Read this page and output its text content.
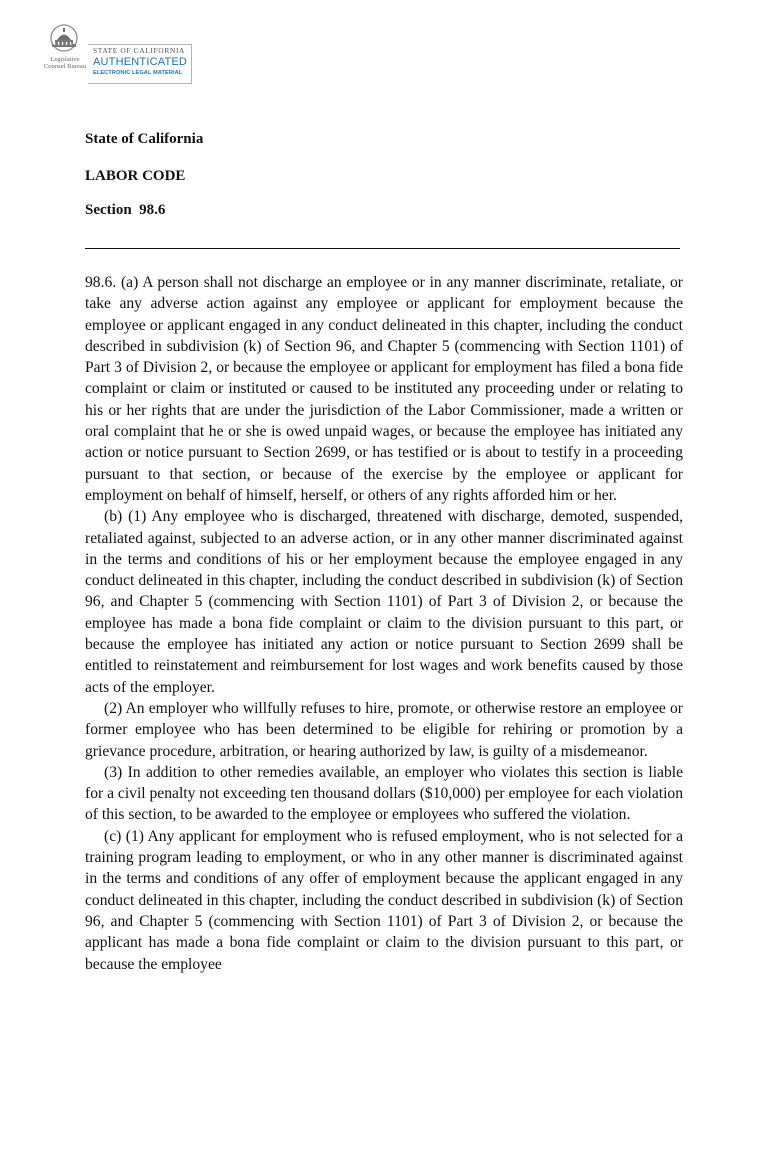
Legislative Counsel Bureau
STATE OF CALIFORNIA
AUTHENTICATED
ELECTRONIC LEGAL MATERIAL
State of California
LABOR CODE
Section  98.6

98.6. (a) A person shall not discharge an employee or in any manner discriminate, retaliate, or take any adverse action against any employee or applicant for employment because the employee or applicant engaged in any conduct delineated in this chapter, including the conduct described in subdivision (k) of Section 96, and Chapter 5 (commencing with Section 1101) of Part 3 of Division 2, or because the employee or applicant for employment has filed a bona fide complaint or claim or instituted or caused to be instituted any proceeding under or relating to his or her rights that are under the jurisdiction of the Labor Commissioner, made a written or oral complaint that he or she is owed unpaid wages, or because the employee has initiated any action or notice pursuant to Section 2699, or has testified or is about to testify in a proceeding pursuant to that section, or because of the exercise by the employee or applicant for employment on behalf of himself, herself, or others of any rights afforded him or her.

(b) (1) Any employee who is discharged, threatened with discharge, demoted, suspended, retaliated against, subjected to an adverse action, or in any other manner discriminated against in the terms and conditions of his or her employment because the employee engaged in any conduct delineated in this chapter, including the conduct described in subdivision (k) of Section 96, and Chapter 5 (commencing with Section 1101) of Part 3 of Division 2, or because the employee has made a bona fide complaint or claim to the division pursuant to this part, or because the employee has initiated any action or notice pursuant to Section 2699 shall be entitled to reinstatement and reimbursement for lost wages and work benefits caused by those acts of the employer.

(2) An employer who willfully refuses to hire, promote, or otherwise restore an employee or former employee who has been determined to be eligible for rehiring or promotion by a grievance procedure, arbitration, or hearing authorized by law, is guilty of a misdemeanor.

(3) In addition to other remedies available, an employer who violates this section is liable for a civil penalty not exceeding ten thousand dollars ($10,000) per employee for each violation of this section, to be awarded to the employee or employees who suffered the violation.

(c) (1) Any applicant for employment who is refused employment, who is not selected for a training program leading to employment, or who in any other manner is discriminated against in the terms and conditions of any offer of employment because the applicant engaged in any conduct delineated in this chapter, including the conduct described in subdivision (k) of Section 96, and Chapter 5 (commencing with Section 1101) of Part 3 of Division 2, or because the applicant has made a bona fide complaint or claim to the division pursuant to this part, or because the employee
